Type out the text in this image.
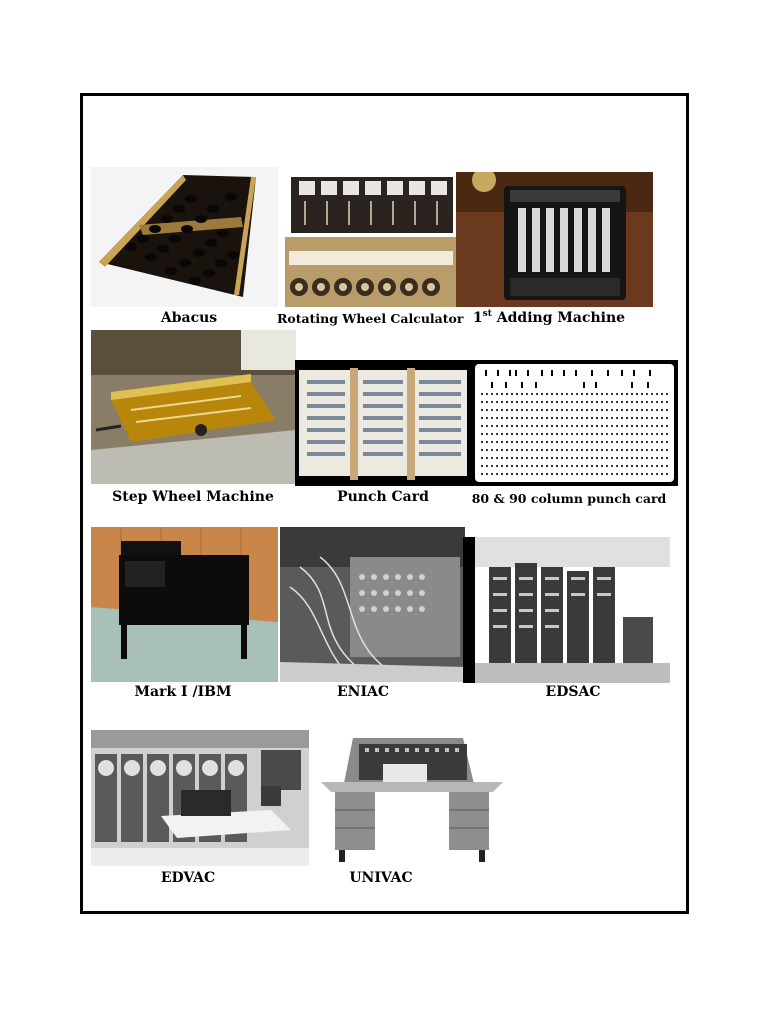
Abacus	Rotating Wheel Calculator 1st Adding Machine
Step Wheel Machine	Punch Card	80 & 90 column punch card
Mark I /IBM	ENIAC	EDSAC
EDVAC	UNIVAC
